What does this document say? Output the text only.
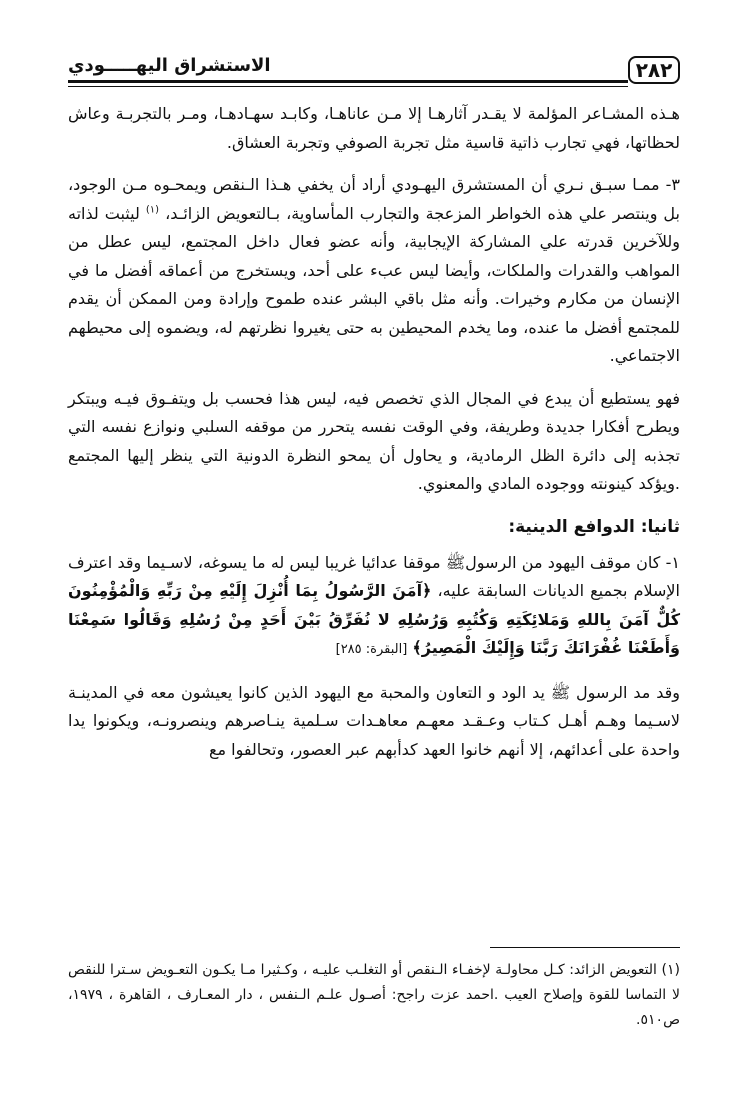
٢٨٢
الاستشراق اليهـــــودي

هـذه المشـاعر المؤلمة لا يقـدر آثارهـا إلا مـن عاناهـا، وكابـد سهـادهـا، ومـر بالتجربـة وعاش لحظاتها، فهي تجارب ذاتية قاسية مثل تجربة الصوفي وتجربة العشاق.

٣- ممـا سبـق نـري أن المستشرق اليهـودي أراد أن يخفي هـذا الـنقص ويمحـوه مـن الوجود، بل وينتصر علي هذه الخواطر المزعجة والتجارب المأساوية، بـالتعويض الزائـد، $^{(١)}$ ليثبت لذاته وللآخرين قدرته علي المشاركة الإيجابية، وأنه عضو فعال داخل المجتمع، ليس عطل من المواهب والقدرات والملكات، وأيضا ليس عبء على أحد، ويستخرج من أعماقه أفضل ما في الإنسان من مكارم وخيرات. وأنه مثل باقي البشر عنده طموح وإرادة ومن الممكن أن يقدم للمجتمع أفضل ما عنده، وما يخدم المحيطين به حتى يغيروا نظرتهم له، ويضموه إلى محيطهم الاجتماعي.

فهو يستطيع أن يبدع في المجال الذي تخصص فيه، ليس هذا فحسب بل ويتفـوق فيـه ويبتكر ويطرح أفكارا جديدة وطريفة، وفي الوقت نفسه يتحرر من موقفه السلبي ونوازع نفسه التي تجذبه إلى دائرة الظل الرمادية، و يحاول أن يمحو النظرة الدونية التي ينظر إليها المجتمع .ويؤكد كينونته ووجوده المادي والمعنوي.

ثانيا: الدوافع الدينية:

١- كان موقف اليهود من الرسولﷺ موقفا عدائيا غريبا ليس له ما يسوغه، لاسـيما وقد اعترف الإسلام بجميع الديانات السابقة عليه، ﴿آمَنَ الرَّسُولُ بِمَا أُنْزِلَ إِلَيْهِ مِنْ رَبِّهِ وَالْمُؤْمِنُونَ كُلٌّ آمَنَ بِاللهِ وَمَلائِكَتِهِ وَكُتُبِهِ وَرُسُلِهِ لا نُفَرِّقُ بَيْنَ أَحَدٍ مِنْ رُسُلِهِ وَقَالُوا سَمِعْنَا وَأَطَعْنَا غُفْرَانَكَ رَبَّنَا وَإِلَيْكَ الْمَصِيرُ﴾ [البقرة: ٢٨٥]

وقد مد الرسول ﷺ يد الود و التعاون والمحبة مع اليهود الذين كانوا يعيشون معه في المدينـة لاسـيما وهـم أهـل كـتاب وعـقـد معهـم معاهـدات سـلمية ينـاصرهم وينصرونـه، ويكونوا يدا واحدة على أعدائهم، إلا أنهم خانوا العهد كدأبهم عبر العصور، وتحالفوا مع

(١) التعويض الزائد: كـل محاولـة لإخفـاء الـنقص أو التغلـب عليـه ، وكـثيرا مـا يكـون التعـويض سـترا للنقص لا التماسا للقوة وإصلاح العيب .احمد عزت راجح: أصـول علـم الـنفس ، دار المعـارف ، القاهرة ، ١٩٧٩، ص٥١٠.
